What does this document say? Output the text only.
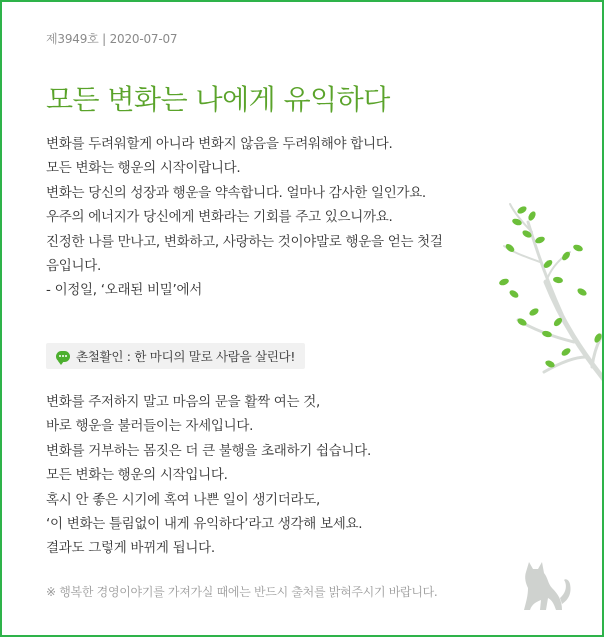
제3949호 | 2020-07-07
모든 변화는 나에게 유익하다

변화를 두려워할게 아니라 변화지 않음을 두려워해야 합니다.

모든 변화는 행운의 시작이랍니다.

변화는 당신의 성장과 행운을 약속합니다. 얼마나 감사한 일인가요.

우주의 에너지가 당신에게 변화라는 기회를 주고 있으니까요.

진정한 나를 만나고, 변화하고, 사랑하는 것이야말로 행운을 얻는 첫걸

음입니다.

- 이정일, ‘오래된 비밀’에서

촌철활인 : 한 마디의 말로 사람을 살린다!

변화를 주저하지 말고 마음의 문을 활짝 여는 것,

바로 행운을 불러들이는 자세입니다.

변화를 거부하는 몸짓은 더 큰 불행을 초래하기 쉽습니다.

모든 변화는 행운의 시작입니다.

혹시 안 좋은 시기에 혹여 나쁜 일이 생기더라도,

‘이 변화는 틀림없이 내게 유익하다’라고 생각해 보세요.

결과도 그렇게 바뀌게 됩니다.

※ 행복한 경영이야기를 가져가실 때에는 반드시 출처를 밝혀주시기 바랍니다.
